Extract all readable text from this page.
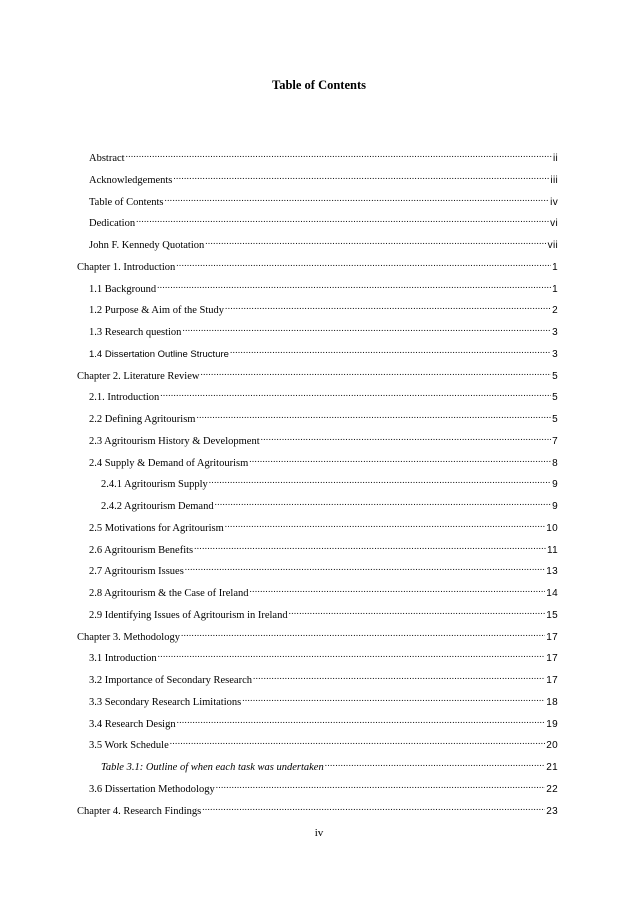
Table of Contents
Abstract .....	ii
Acknowledgements .....	iii
Table of Contents .....	iv
Dedication .....	vi
John F. Kennedy Quotation .....	vii
Chapter 1. Introduction .....	1
1.1 Background .....	1
1.2 Purpose & Aim of the Study .....	2
1.3 Research question .....	3
1.4 Dissertation Outline Structure .....	3
Chapter 2. Literature Review .....	5
2.1. Introduction .....	5
2.2 Defining Agritourism .....	5
2.3 Agritourism History & Development .....	7
2.4 Supply & Demand of Agritourism .....	8
2.4.1 Agritourism Supply .....	9
2.4.2 Agritourism Demand .....	9
2.5 Motivations for Agritourism .....	10
2.6 Agritourism Benefits .....	11
2.7 Agritourism Issues .....	13
2.8 Agritourism & the Case of Ireland .....	14
2.9 Identifying Issues of Agritourism in Ireland .....	15
Chapter 3. Methodology .....	17
3.1 Introduction .....	17
3.2 Importance of Secondary Research .....	17
3.3 Secondary Research Limitations .....	18
3.4 Research Design .....	19
3.5 Work Schedule .....	20
Table 3.1: Outline of when each task was undertaken .....	21
3.6 Dissertation Methodology .....	22
Chapter 4. Research Findings .....	23
iv
